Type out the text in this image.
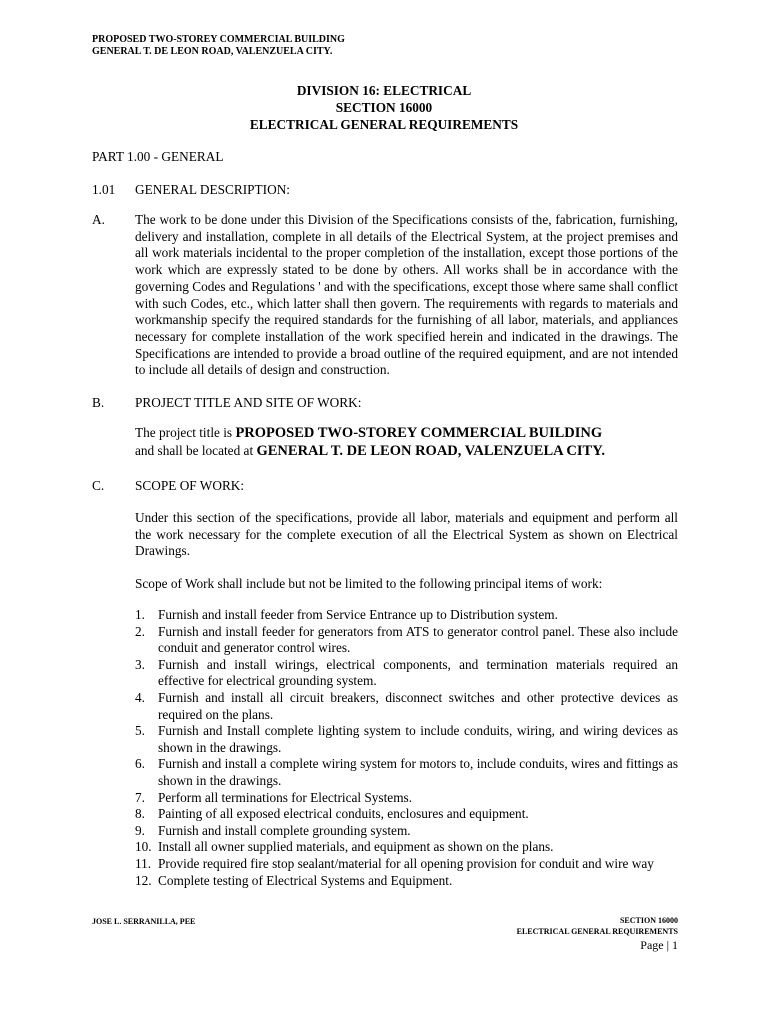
PROPOSED TWO-STOREY COMMERCIAL BUILDING
GENERAL T. DE LEON ROAD, VALENZUELA CITY.
DIVISION 16: ELECTRICAL
SECTION 16000
ELECTRICAL GENERAL REQUIREMENTS
PART 1.00 - GENERAL
1.01 GENERAL DESCRIPTION:
A. The work to be done under this Division of the Specifications consists of the, fabrication, furnishing, delivery and installation, complete in all details of the Electrical System, at the project premises and all work materials incidental to the proper completion of the installation, except those portions of the work which are expressly stated to be done by others. All works shall be in accordance with the governing Codes and Regulations ' and with the specifications, except those where same shall conflict with such Codes, etc., which latter shall then govern. The requirements with regards to materials and workmanship specify the required standards for the furnishing of all labor, materials, and appliances necessary for complete installation of the work specified herein and indicated in the drawings. The Specifications are intended to provide a broad outline of the required equipment, and are not intended to include all details of design and construction.
B. PROJECT TITLE AND SITE OF WORK:
The project title is PROPOSED TWO-STOREY COMMERCIAL BUILDING
and shall be located at GENERAL T. DE LEON ROAD, VALENZUELA CITY.
C. SCOPE OF WORK:
Under this section of the specifications, provide all labor, materials and equipment and perform all the work necessary for the complete execution of all the Electrical System as shown on Electrical Drawings.
Scope of Work shall include but not be limited to the following principal items of work:
1. Furnish and install feeder from Service Entrance up to Distribution system.
2. Furnish and install feeder for generators from ATS to generator control panel. These also include conduit and generator control wires.
3. Furnish and install wirings, electrical components, and termination materials required an effective for electrical grounding system.
4. Furnish and install all circuit breakers, disconnect switches and other protective devices as required on the plans.
5. Furnish and Install complete lighting system to include conduits, wiring, and wiring devices as shown in the drawings.
6. Furnish and install a complete wiring system for motors to, include conduits, wires and fittings as shown in the drawings.
7. Perform all terminations for Electrical Systems.
8. Painting of all exposed electrical conduits, enclosures and equipment.
9. Furnish and install complete grounding system.
10. Install all owner supplied materials, and equipment as shown on the plans.
11. Provide required fire stop sealant/material for all opening provision for conduit and wire way
12. Complete testing of Electrical Systems and Equipment.
JOSE L. SERRANILLA, PEE	SECTION 16000
ELECTRICAL GENERAL REQUIREMENTS
Page | 1
